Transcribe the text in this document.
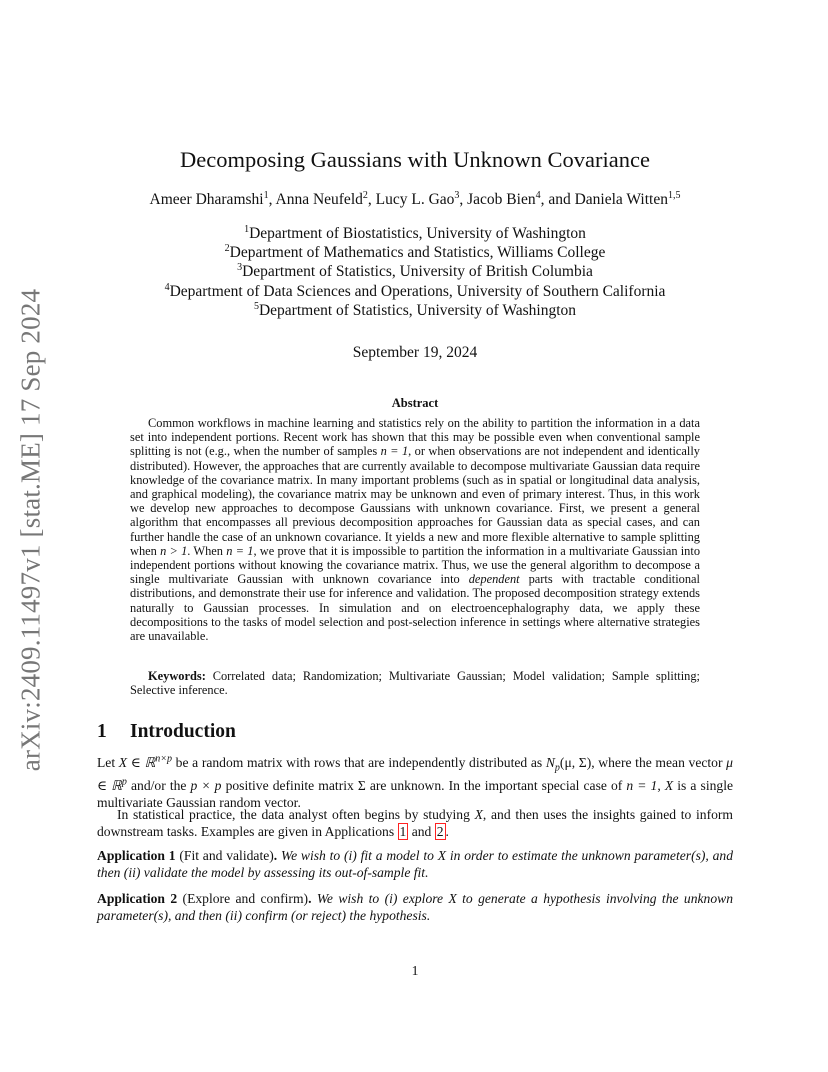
arXiv:2409.11497v1 [stat.ME] 17 Sep 2024
Decomposing Gaussians with Unknown Covariance
Ameer Dharamshi$^1$, Anna Neufeld$^2$, Lucy L. Gao$^3$, Jacob Bien$^4$, and Daniela Witten$^{1,5}$
$^1$Department of Biostatistics, University of Washington
$^2$Department of Mathematics and Statistics, Williams College
$^3$Department of Statistics, University of British Columbia
$^4$Department of Data Sciences and Operations, University of Southern California
$^5$Department of Statistics, University of Washington
September 19, 2024
Abstract

Common workflows in machine learning and statistics rely on the ability to partition the information in a data set into independent portions. Recent work has shown that this may be possible even when conventional sample splitting is not (e.g., when the number of samples n = 1, or when observations are not independent and identically distributed). However, the approaches that are currently available to decompose multivariate Gaussian data require knowledge of the covariance matrix. In many important problems (such as in spatial or longitudinal data analysis, and graphical modeling), the covariance matrix may be unknown and even of primary interest. Thus, in this work we develop new approaches to decompose Gaussians with unknown covariance. First, we present a general algorithm that encompasses all previous decomposition approaches for Gaussian data as special cases, and can further handle the case of an unknown covariance. It yields a new and more flexible alternative to sample splitting when n > 1. When n = 1, we prove that it is impossible to partition the information in a multivariate Gaussian into independent portions without knowing the covariance matrix. Thus, we use the general algorithm to decompose a single multivariate Gaussian with unknown covariance into dependent parts with tractable conditional distributions, and demonstrate their use for inference and validation. The proposed decomposition strategy extends naturally to Gaussian processes. In simulation and on electroencephalography data, we apply these decompositions to the tasks of model selection and post-selection inference in settings where alternative strategies are unavailable.

Keywords: Correlated data; Randomization; Multivariate Gaussian; Model validation; Sample splitting; Selective inference.

1 Introduction

Let X ∈ ℝ$^{n\times p}$ be a random matrix with rows that are independently distributed as $N_p(\mu$, Σ), where the mean vector μ ∈ ℝ$^p$ and/or the p × p positive definite matrix Σ are unknown. In the important special case of n = 1, X is a single multivariate Gaussian random vector.

In statistical practice, the data analyst often begins by studying X, and then uses the insights gained to inform downstream tasks. Examples are given in Applications 1 and 2 .

Application 1 (Fit and validate). We wish to (i) fit a model to X in order to estimate the unknown parameter(s), and then (ii) validate the model by assessing its out-of-sample fit.

Application 2 (Explore and confirm). We wish to (i) explore X to generate a hypothesis involving the unknown parameter(s), and then (ii) confirm (or reject) the hypothesis.

1
